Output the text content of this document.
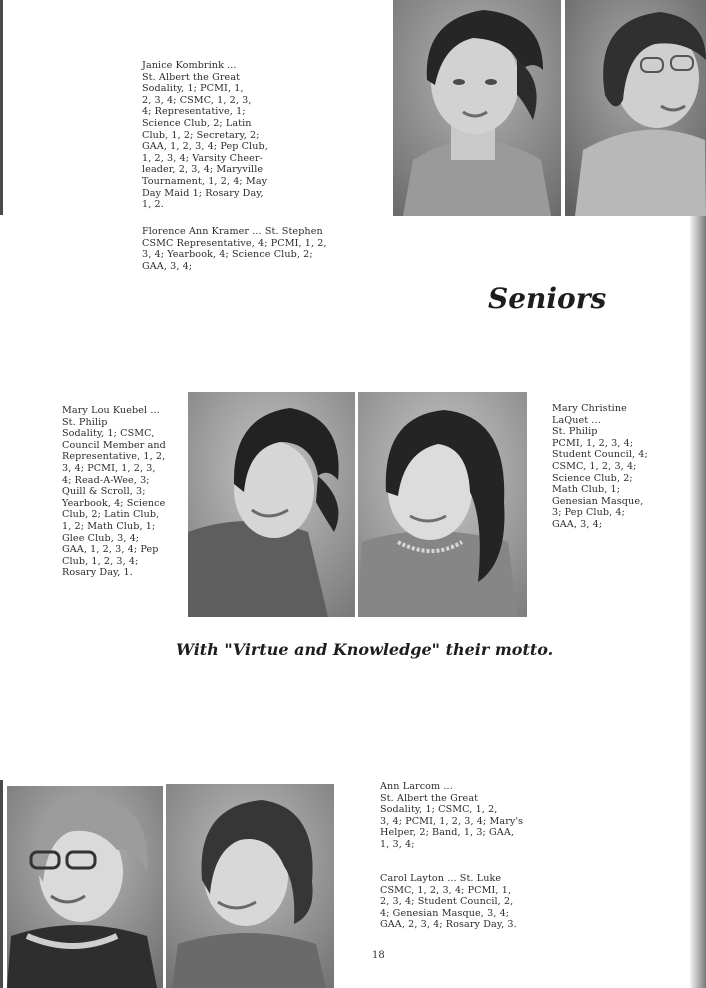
Janice Kombrink ...
St. Albert the Great
Sodality, 1; PCMI, 1,
2, 3, 4; CSMC, 1, 2, 3,
4; Representative, 1;
Science Club, 2; Latin
Club, 1, 2; Secretary, 2;
GAA, 1, 2, 3, 4; Pep Club,
1, 2, 3, 4; Varsity Cheer-
leader, 2, 3, 4; Maryville
Tournament, 1, 2, 4; May
Day Maid 1; Rosary Day,
1, 2.
Florence Ann Kramer ... St. Stephen
CSMC Representative, 4; PCMI, 1, 2,
3, 4; Yearbook, 4; Science Club, 2;
GAA, 3, 4;
Seniors
Mary Lou Kuebel ...
St. Philip
Sodality, 1; CSMC,
Council Member and
Representative, 1, 2,
3, 4; PCMI, 1, 2, 3,
4; Read-A-Wee, 3;
Quill & Scroll, 3;
Yearbook, 4; Science
Club, 2; Latin Club,
1, 2; Math Club, 1;
Glee Club, 3, 4;
GAA, 1, 2, 3, 4; Pep
Club, 1, 2, 3, 4;
Rosary Day, 1.
Mary Christine
LaQuet ...
St. Philip
PCMI, 1, 2, 3, 4;
Student Council, 4;
CSMC, 1, 2, 3, 4;
Science Club, 2;
Math Club, 1;
Genesian Masque,
3; Pep Club, 4;
GAA, 3, 4;
With "Virtue and Knowledge" their motto.
Ann Larcom ...
St. Albert the Great
Sodality, 1; CSMC, 1, 2,
3, 4; PCMI, 1, 2, 3, 4; Mary's
Helper, 2; Band, 1, 3; GAA,
1, 3, 4;
Carol Layton ... St. Luke
CSMC, 1, 2, 3, 4; PCMI, 1,
2, 3, 4; Student Council, 2,
4; Genesian Masque, 3, 4;
GAA, 2, 3, 4; Rosary Day, 3.
18
